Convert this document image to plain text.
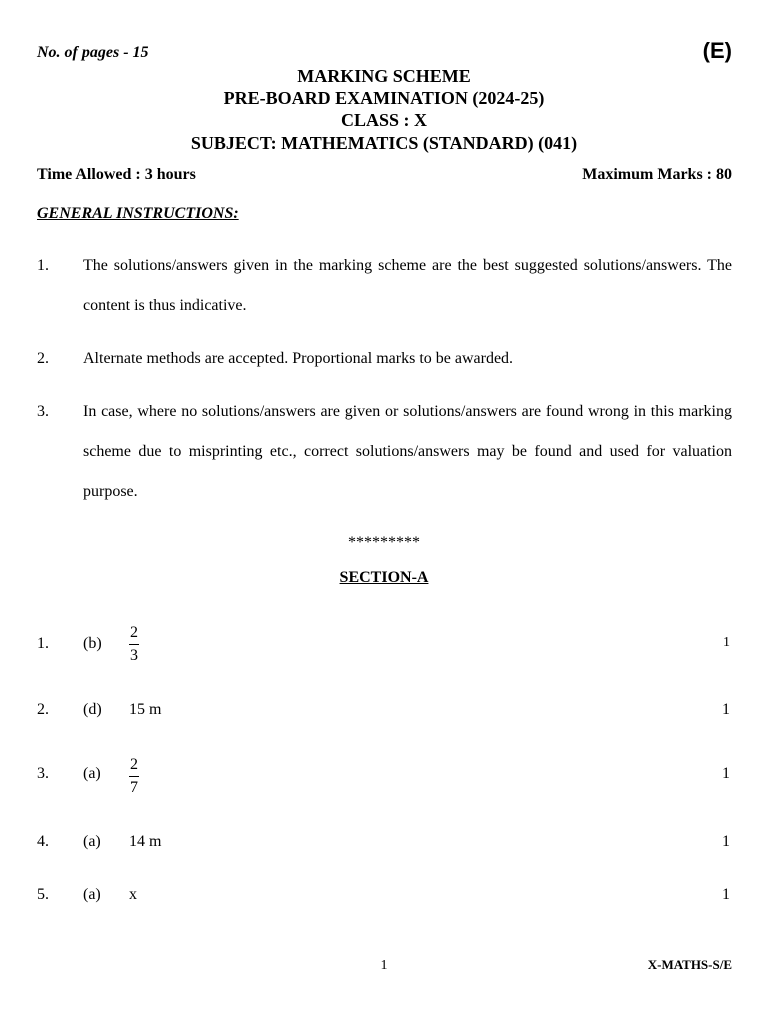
No. of pages - 15	(E)
MARKING SCHEME
PRE-BOARD EXAMINATION (2024-25)
CLASS : X
SUBJECT: MATHEMATICS (STANDARD) (041)
Time Allowed : 3 hours	Maximum Marks : 80
GENERAL INSTRUCTIONS:
1. The solutions/answers given in the marking scheme are the best suggested solutions/answers. The content is thus indicative.
2. Alternate methods are accepted. Proportional marks to be awarded.
3. In case, where no solutions/answers are given or solutions/answers are found wrong in this marking scheme due to misprinting etc., correct solutions/answers may be found and used for valuation purpose.
*********
SECTION-A
1. $(b) \frac{2}{3}$	1
2. (d) 15 m	1
3. $(a) \frac{2}{7}$	1
4. (a) 14 m	1
5. (a) x	1
1	X-MATHS-S/E
